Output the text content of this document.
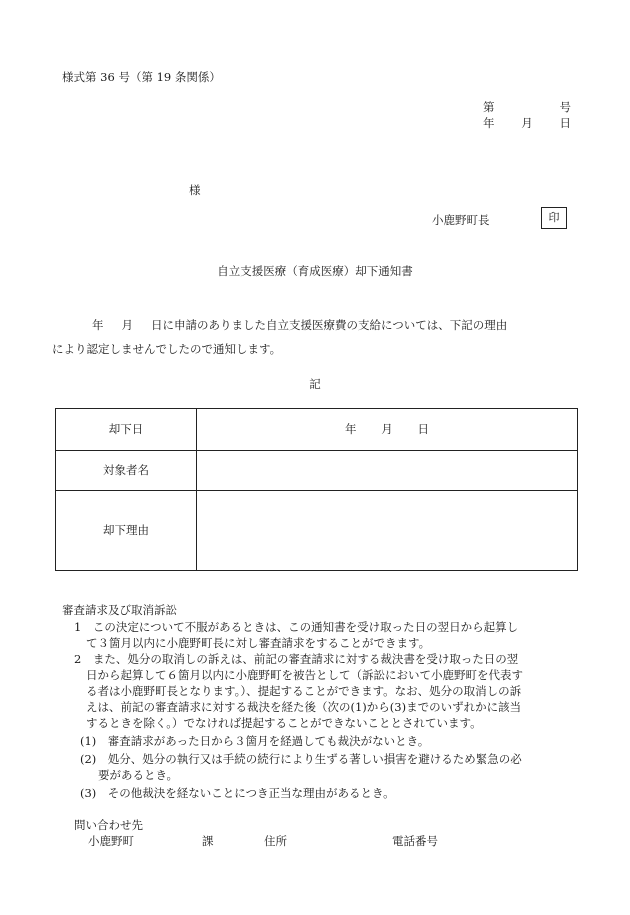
様式第 36 号（第 19 条関係）
第	号
年 月 日
様
小鹿野町長	印
自立支援医療（育成医療）却下通知書
年 月 日に申請のありました自立支援医療費の支給については、下記の理由
により認定しませんでしたので通知します。
記
却下日	年 月 日

対象者名	
却下理由	
審査請求及び取消訴訟
1　この決定について不服があるときは、この通知書を受け取った日の翌日から起算し
て３箇月以内に小鹿野町長に対し審査請求をすることができます。
2　また、処分の取消しの訴えは、前記の審査請求に対する裁決書を受け取った日の翌
日から起算して６箇月以内に小鹿野町を被告として（訴訟において小鹿野町を代表す
る者は小鹿野町長となります。）、提起することができます。なお、処分の取消しの訴
えは、前記の審査請求に対する裁決を経た後（次の(1)から(3)までのいずれかに該当
するときを除く。）でなければ提起することができないこととされています。
(1)　審査請求があった日から３箇月を経過しても裁決がないとき。
(2)　処分、処分の執行又は手続の続行により生ずる著しい損害を避けるため緊急の必
要があるとき。
(3)　その他裁決を経ないことにつき正当な理由があるとき。
問い合わせ先
小鹿野町	課	住所	電話番号
